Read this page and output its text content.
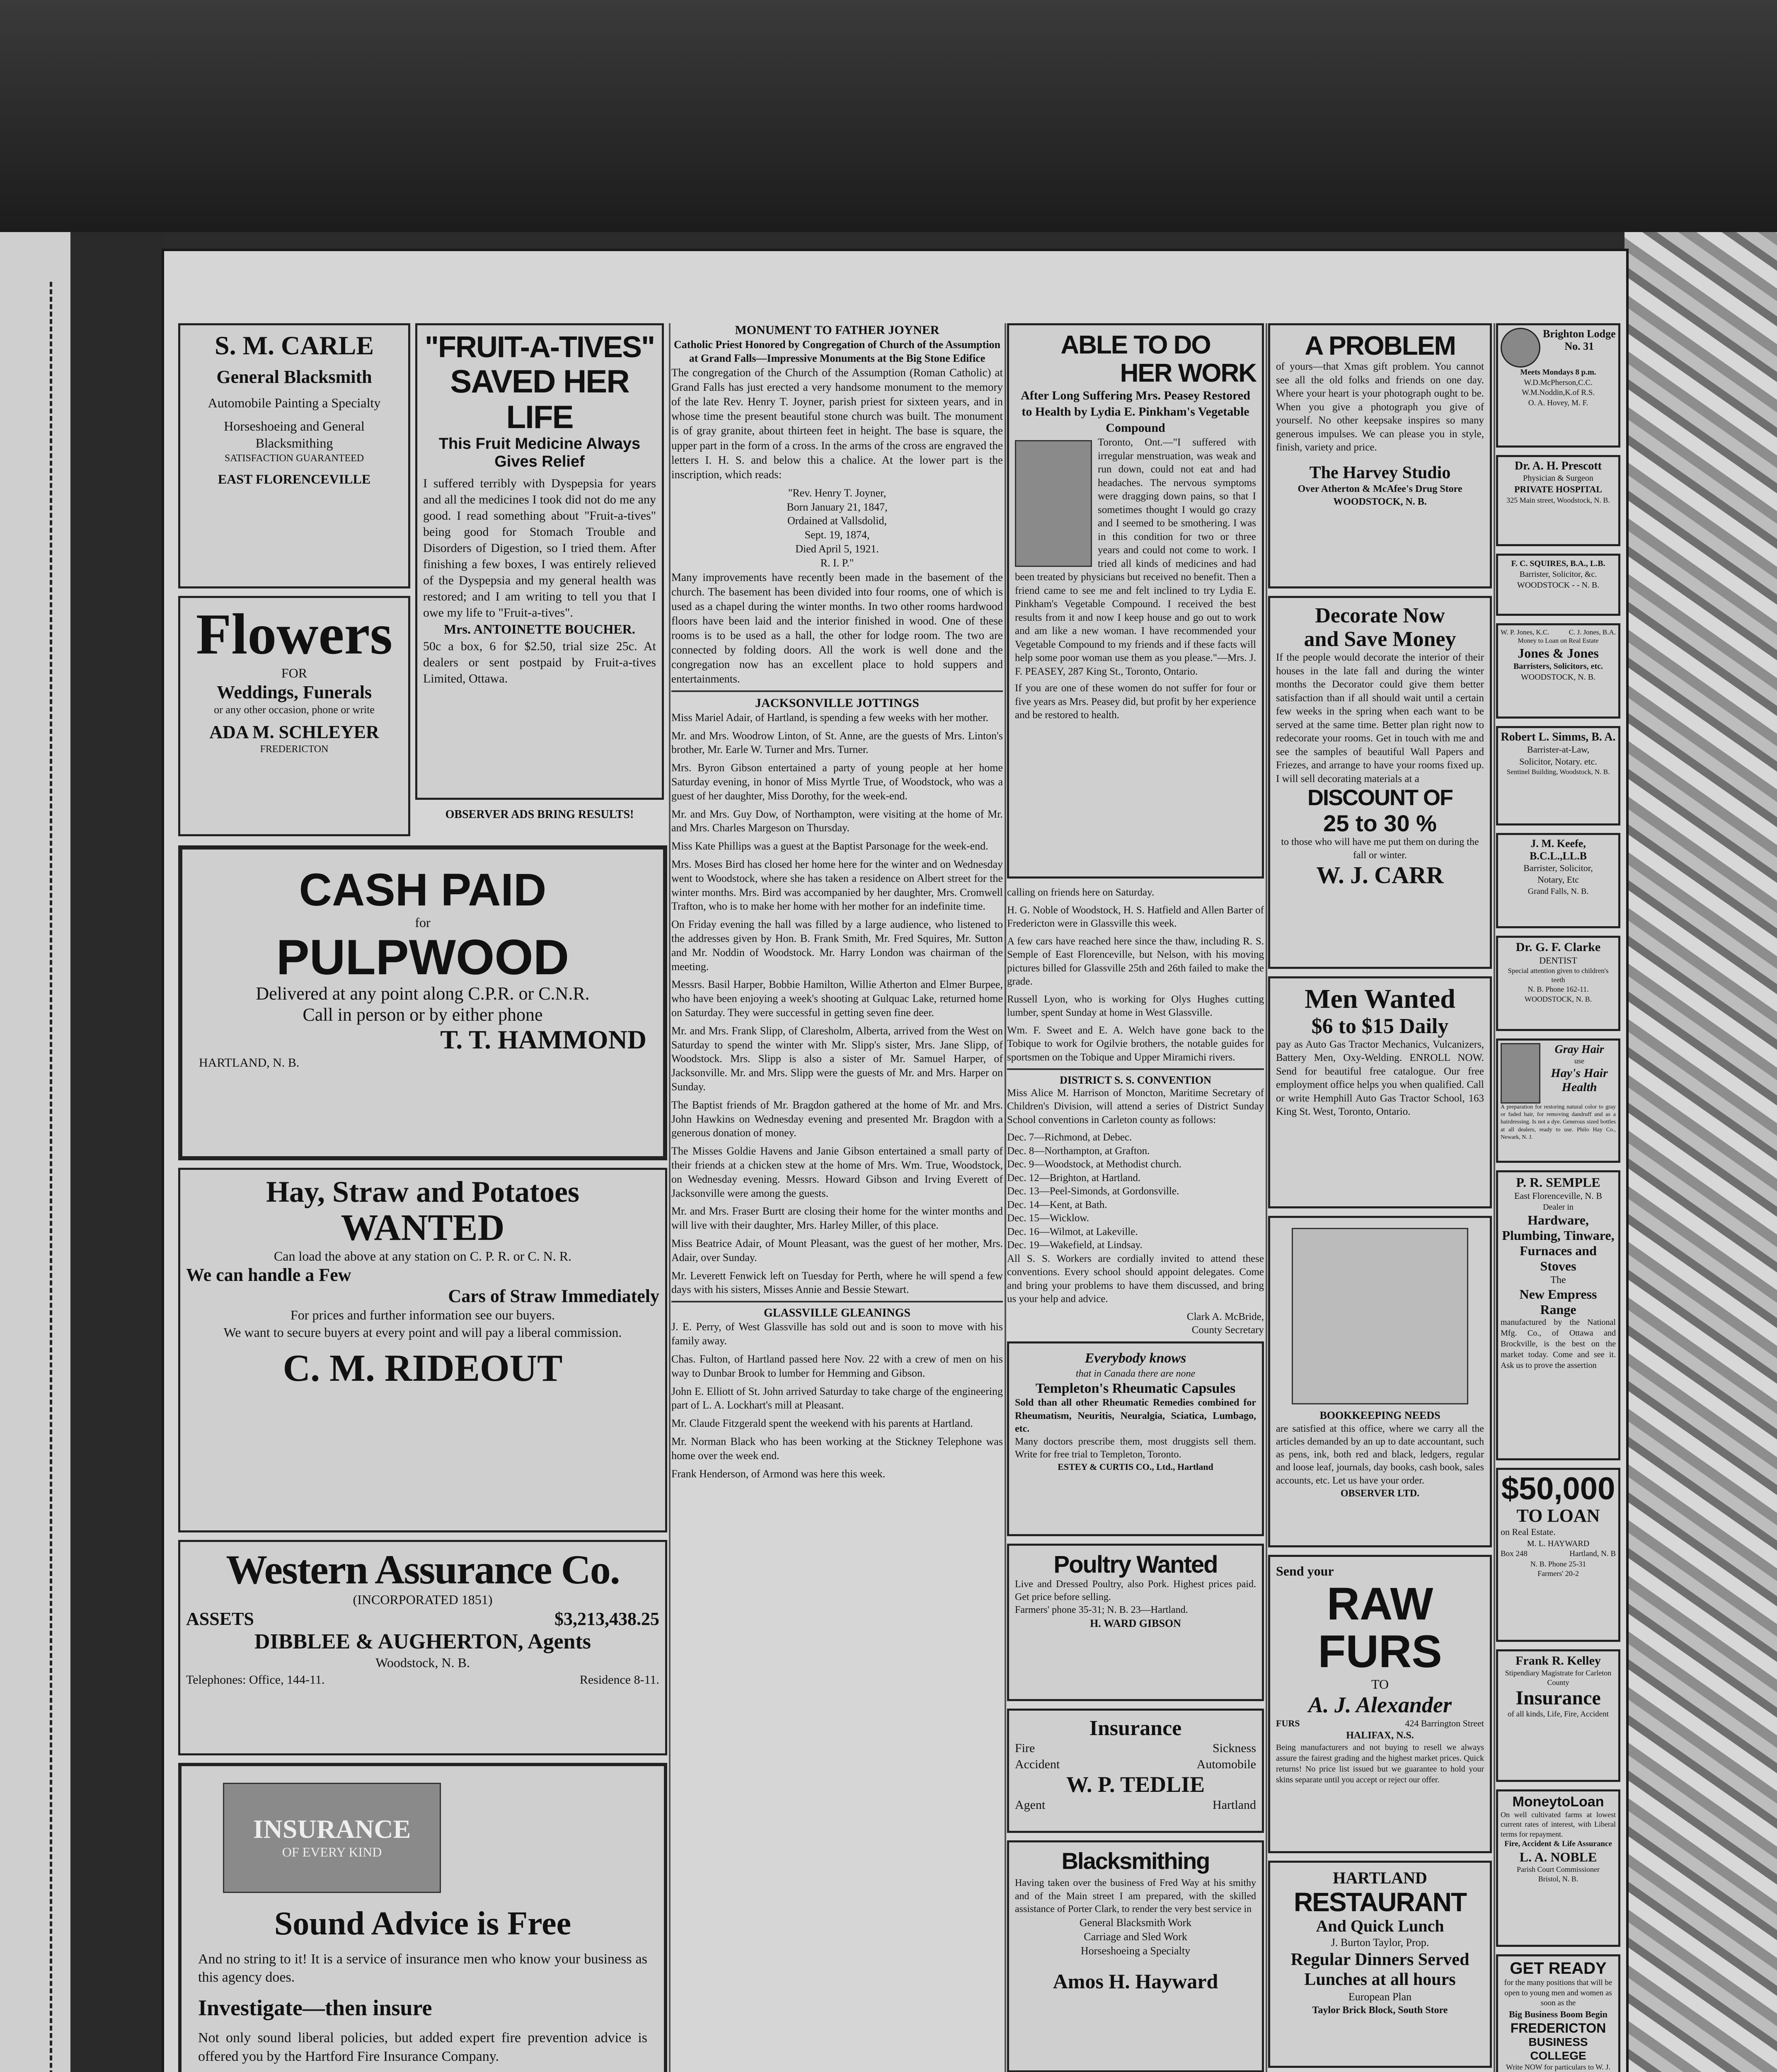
S. M. CARLE
General Blacksmith
Automobile Painting a Specialty
Horseshoeing and General Blacksmithing
SATISFACTION GUARANTEED
EAST FLORENCEVILLE
Flowers
FOR
Weddings, Funerals
or any other occasion, phone or write
ADA M. SCHLEYER
FREDERICTON
"FRUIT-A-TIVES"
SAVED HER LIFE
This Fruit Medicine Always Gives Relief
I suffered terribly with Dyspepsia for years and all the medicines I took did not do me any good. I read something about "Fruit-a-tives" being good for Stomach Trouble and Disorders of Digestion, so I tried them. After finishing a few boxes, I was entirely relieved of the Dyspepsia and my general health was restored; and I am writing to tell you that I owe my life to "Fruit-a-tives".
Mrs. ANTOINETTE BOUCHER.
50c a box, 6 for $2.50, trial size 25c. At dealers or sent postpaid by Fruit-a-tives Limited, Ottawa.
OBSERVER ADS BRING RESULTS!
CASH PAID
for
PULPWOOD
Delivered at any point along C.P.R. or C.N.R.
Call in person or by either phone
T. T. HAMMOND
HARTLAND, N. B.
Hay, Straw and Potatoes
WANTED
Can load the above at any station on C. P. R. or C. N. R.
We can handle a Few
Cars of Straw Immediately
For prices and further information see our buyers.
We want to secure buyers at every point and will pay a liberal commission.
C. M. RIDEOUT
Western Assurance Co.
(INCORPORATED 1851)
ASSETS	$3,213,438.25
DIBBLEE & AUGHERTON, Agents
Woodstock, N. B.
Telephones: Office, 144-11.	Residence 8-11.
INSURANCE
OF EVERY KIND
Sound Advice is Free
And no string to it! It is a service of insurance men who know your business as this agency does.
Investigate—then insure
Not only sound liberal policies, but added expert fire prevention advice is offered you by the Hartford Fire Insurance Company.
MONUMENT TO FATHER JOYNER
Catholic Priest Honored by Congregation of Church of the Assumption at Grand Falls—Impressive Monuments at the Big Stone Edifice
The congregation of the Church of the Assumption (Roman Catholic) at Grand Falls has just erected a very handsome monument to the memory of the late Rev. Henry T. Joyner, parish priest for sixteen years, and in whose time the present beautiful stone church was built. The monument is of gray granite, about thirteen feet in height. The base is square, the upper part in the form of a cross. In the arms of the cross are engraved the letters I. H. S. and below this a chalice. At the lower part is the inscription, which reads:
"Rev. Henry T. Joyner,
Born January 21, 1847,
Ordained at Vallsdolid,
Sept. 19, 1874,
Died April 5, 1921.
R. I. P."
Many improvements have recently been made in the basement of the church. The basement has been divided into four rooms, one of which is used as a chapel during the winter months. In two other rooms hardwood floors have been laid and the interior finished in wood. One of these rooms is to be used as a hall, the other for lodge room. The two are connected by folding doors. All the work is well done and the congregation now has an excellent place to hold suppers and entertainments.
JACKSONVILLE JOTTINGS
Miss Mariel Adair, of Hartland, is spending a few weeks with her mother.
Mr. and Mrs. Woodrow Linton, of St. Anne, are the guests of Mrs. Linton's brother, Mr. Earle W. Turner and Mrs. Turner.
Mrs. Byron Gibson entertained a party of young people at her home Saturday evening, in honor of Miss Myrtle True, of Woodstock, who was a guest of her daughter, Miss Dorothy, for the week-end.
Mr. and Mrs. Guy Dow, of Northampton, were visiting at the home of Mr. and Mrs. Charles Margeson on Thursday.
Miss Kate Phillips was a guest at the Baptist Parsonage for the week-end.
Mrs. Moses Bird has closed her home here for the winter and on Wednesday went to Woodstock, where she has taken a residence on Albert street for the winter months. Mrs. Bird was accompanied by her daughter, Mrs. Cromwell Trafton, who is to make her home with her mother for an indefinite time.
On Friday evening the hall was filled by a large audience, who listened to the addresses given by Hon. B. Frank Smith, Mr. Fred Squires, Mr. Sutton and Mr. Noddin of Woodstock. Mr. Harry London was chairman of the meeting.
Messrs. Basil Harper, Bobbie Hamilton, Willie Atherton and Elmer Burpee, who have been enjoying a week's shooting at Gulquac Lake, returned home on Saturday. They were successful in getting seven fine deer.
Mr. and Mrs. Frank Slipp, of Claresholm, Alberta, arrived from the West on Saturday to spend the winter with Mr. Slipp's sister, Mrs. Jane Slipp, of Woodstock. Mrs. Slipp is also a sister of Mr. Samuel Harper, of Jacksonville. Mr. and Mrs. Slipp were the guests of Mr. and Mrs. Harper on Sunday.
The Baptist friends of Mr. Bragdon gathered at the home of Mr. and Mrs. John Hawkins on Wednesday evening and presented Mr. Bragdon with a generous donation of money.
The Misses Goldie Havens and Janie Gibson entertained a small party of their friends at a chicken stew at the home of Mrs. Wm. True, Woodstock, on Wednesday evening. Messrs. Howard Gibson and Irving Everett of Jacksonville were among the guests.
Mr. and Mrs. Fraser Burtt are closing their home for the winter months and will live with their daughter, Mrs. Harley Miller, of this place.
Miss Beatrice Adair, of Mount Pleasant, was the guest of her mother, Mrs. Adair, over Sunday.
Mr. Leverett Fenwick left on Tuesday for Perth, where he will spend a few days with his sisters, Misses Annie and Bessie Stewart.
GLASSVILLE GLEANINGS
J. E. Perry, of West Glassville has sold out and is soon to move with his family away.
Chas. Fulton, of Hartland passed here Nov. 22 with a crew of men on his way to Dunbar Brook to lumber for Hemming and Gibson.
John E. Elliott of St. John arrived Saturday to take charge of the engineering part of L. A. Lockhart's mill at Pleasant.
Mr. Claude Fitzgerald spent the weekend with his parents at Hartland.
Mr. Norman Black who has been working at the Stickney Telephone was home over the week end.
Frank Henderson, of Armond was here this week.
ABLE TO DO
HER WORK
After Long Suffering Mrs. Peasey Restored to Health by Lydia E. Pinkham's Vegetable Compound
Toronto, Ont.—"I suffered with irregular menstruation, was weak and run down, could not eat and had headaches. The nervous symptoms were dragging down pains, so that I sometimes thought I would go crazy and I seemed to be smothering. I was in this condition for two or three years and could not come to work. I tried all kinds of medicines and had been treated by physicians but received no benefit. Then a friend came to see me and felt inclined to try Lydia E. Pinkham's Vegetable Compound. I received the best results from it and now I keep house and go out to work and am like a new woman. I have recommended your Vegetable Compound to my friends and if these facts will help some poor woman use them as you please."—Mrs. J. F. PEASEY, 287 King St., Toronto, Ontario.
If you are one of these women do not suffer for four or five years as Mrs. Peasey did, but profit by her experience and be restored to health.
calling on friends here on Saturday.
H. G. Noble of Woodstock, H. S. Hatfield and Allen Barter of Fredericton were in Glassville this week.
A few cars have reached here since the thaw, including R. S. Semple of East Florenceville, but Nelson, with his moving pictures billed for Glassville 25th and 26th failed to make the grade.
Russell Lyon, who is working for Olys Hughes cutting lumber, spent Sunday at home in West Glassville.
Wm. F. Sweet and E. A. Welch have gone back to the Tobique to work for Ogilvie brothers, the notable guides for sportsmen on the Tobique and Upper Miramichi rivers.
DISTRICT S. S. CONVENTION
Miss Alice M. Harrison of Moncton, Maritime Secretary of Children's Division, will attend a series of District Sunday School conventions in Carleton county as follows:
Dec. 7—Richmond, at Debec.
Dec. 8—Northampton, at Grafton.
Dec. 9—Woodstock, at Methodist church.
Dec. 12—Brighton, at Hartland.
Dec. 13—Peel-Simonds, at Gordonsville.
Dec. 14—Kent, at Bath.
Dec. 15—Wicklow.
Dec. 16—Wilmot, at Lakeville.
Dec. 19—Wakefield, at Lindsay.
All S. S. Workers are cordially invited to attend these conventions. Every school should appoint delegates. Come and bring your problems to have them discussed, and bring us your help and advice.
Clark A. McBride,
County Secretary
Everybody knows
that in Canada there are none
Templeton's Rheumatic Capsules
Sold than all other Rheumatic Remedies combined for Rheumatism, Neuritis, Neuralgia, Sciatica, Lumbago, etc.
Many doctors prescribe them, most druggists sell them. Write for free trial to Templeton, Toronto.
ESTEY & CURTIS CO., Ltd., Hartland
Poultry Wanted
Live and Dressed Poultry, also Pork. Highest prices paid. Get price before selling.
Farmers' phone 35-31; N. B. 23—Hartland.
H. WARD GIBSON
Insurance
Fire	Sickness
Accident	Automobile
W. P. TEDLIE
Agent	Hartland
Blacksmithing
Having taken over the business of Fred Way at his smithy and of the Main street I am prepared, with the skilled assistance of Porter Clark, to render the very best service in
General Blacksmith Work
Carriage and Sled Work
Horseshoeing a Specialty
Amos H. Hayward
A PROBLEM
of yours—that Xmas gift problem. You cannot see all the old folks and friends on one day. Where your heart is your photograph ought to be. When you give a photograph you give of yourself. No other keepsake inspires so many generous impulses. We can please you in style, finish, variety and price.
The Harvey Studio
Over Atherton & McAfee's Drug Store
WOODSTOCK, N. B.
Decorate Now
and Save Money
If the people would decorate the interior of their houses in the late fall and during the winter months the Decorator could give them better satisfaction than if all should wait until a certain few weeks in the spring when each want to be served at the same time. Better plan right now to redecorate your rooms. Get in touch with me and see the samples of beautiful Wall Papers and Friezes, and arrange to have your rooms fixed up. I will sell decorating materials at a
DISCOUNT OF
25 to 30 %
to those who will have me put them on during the fall or winter.
W. J. CARR
Men Wanted
$6 to $15 Daily
pay as Auto Gas Tractor Mechanics, Vulcanizers, Battery Men, Oxy-Welding. ENROLL NOW. Send for beautiful free catalogue. Our free employment office helps you when qualified. Call or write Hemphill Auto Gas Tractor School, 163 King St. West, Toronto, Ontario.
BOOKKEEPING NEEDS
are satisfied at this office, where we carry all the articles demanded by an up to date accountant, such as pens, ink, both red and black, ledgers, regular and loose leaf, journals, day books, cash book, sales accounts, etc. Let us have your order.
OBSERVER LTD.
Send your
RAW
FURS
TO
A. J. Alexander
FURS	424 Barrington Street
HALIFAX, N.S.
Being manufacturers and not buying to resell we always assure the fairest grading and the highest market prices. Quick returns! No price list issued but we guarantee to hold your skins separate until you accept or reject our offer.
HARTLAND
RESTAURANT
And Quick Lunch
J. Burton Taylor, Prop.
Regular Dinners Served
Lunches at all hours
European Plan
Taylor Brick Block, South Store
Brighton Lodge
No. 31
Meets Mondays 8 p.m.
W.D.McPherson,C.C.
W.M.Noddin,K.of R.S.
O. A. Hovey, M. F.
Dr. A. H. Prescott
Physician & Surgeon
PRIVATE HOSPITAL
325 Main street, Woodstock, N. B.
F. C. SQUIRES, B.A., L.B.
Barrister, Solicitor, &c.
WOODSTOCK - - N. B.
W. P. Jones, K.C.	C. J. Jones, B.A.
Money to Loan on Real Estate
Jones & Jones
Barristers, Solicitors, etc.
WOODSTOCK, N. B.
Robert L. Simms, B. A.
Barrister-at-Law,
Solicitor, Notary. etc.
Sentinel Building, Woodstock, N. B.
J. M. Keefe, B.C.L.,LL.B
Barrister, Solicitor,
Notary, Etc
Grand Falls, N. B.
Dr. G. F. Clarke
DENTIST
Special attention given to children's teeth
N. B. Phone 162-11.
WOODSTOCK, N. B.
Gray Hair
use
Hay's Hair Health
A preparation for restoring natural color to gray or faded hair, for removing dandruff and as a hairdressing. Is not a dye. Generous sized bottles at all dealers, ready to use. Philo Hay Co., Newark, N. J.
P. R. SEMPLE
East Florenceville, N. B
Dealer in
Hardware, Plumbing, Tinware, Furnaces and Stoves
The
New Empress Range
manufactured by the National Mfg. Co., of Ottawa and Brockville, is the best on the market today. Come and see it. Ask us to prove the assertion
$50,000
TO LOAN
on Real Estate.
M. L. HAYWARD
Box 248	Hartland, N. B
N. B. Phone 25-31
Farmers' 20-2
Frank R. Kelley
Stipendiary Magistrate for Carleton County
Insurance
of all kinds, Life, Fire, Accident
MoneytoLoan
On well cultivated farms at lowest current rates of interest, with Liberal terms for repayment.
Fire, Accident & Life Assurance
L. A. NOBLE
Parish Court Commissioner
Bristol, N. B.
GET READY
for the many positions that will be open to young men and women as soon as the
Big Business Boom Begin
FREDERICTON
BUSINESS COLLEGE
Write NOW for particulars to W. J.
